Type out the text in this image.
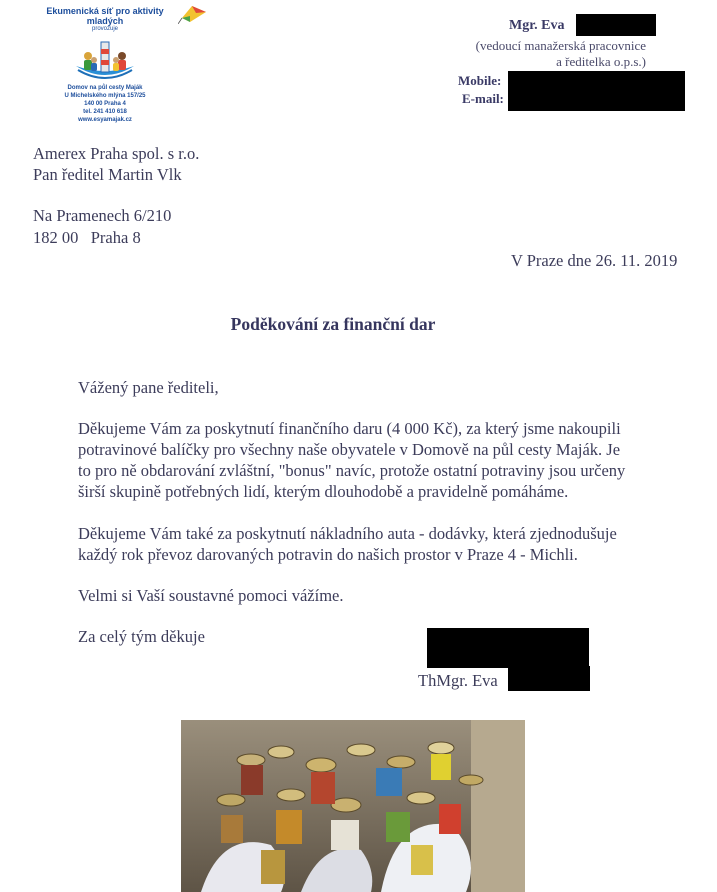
Ekumenická síť pro aktivity
mladých
provozuje
Domov na půl cesty Maják
U Michelského mlýna 157/25
140 00 Praha 4
tel. 241 410 618
www.esyamajak.cz
Mgr. Eva
(vedoucí manažerská pracovnice
a ředitelka o.p.s.)
Mobile:
E-mail:
Amerex Praha spol. s r.o.
Pan ředitel Martin Vlk
Na Pramenech 6/210
182 00   Praha 8
V Praze dne 26. 11. 2019
Poděkování za finanční dar
Vážený pane řediteli,
Děkujeme Vám za poskytnutí finančního daru (4 000 Kč), za který jsme nakoupili
potravinové balíčky pro všechny naše obyvatele v Domově na půl cesty Maják. Je
to pro ně obdarování zvláštní, "bonus" navíc, protože ostatní potraviny jsou určeny
širší skupině potřebných lidí, kterým dlouhodobě a pravidelně pomáháme.
Děkujeme Vám také za poskytnutí nákladního auta - dodávky, která zjednodušuje
každý rok převoz darovaných potravin do našich prostor v Praze 4 - Michli.
Velmi si Vaší soustavné pomoci vážíme.
Za celý tým děkuje
ThMgr. Eva
